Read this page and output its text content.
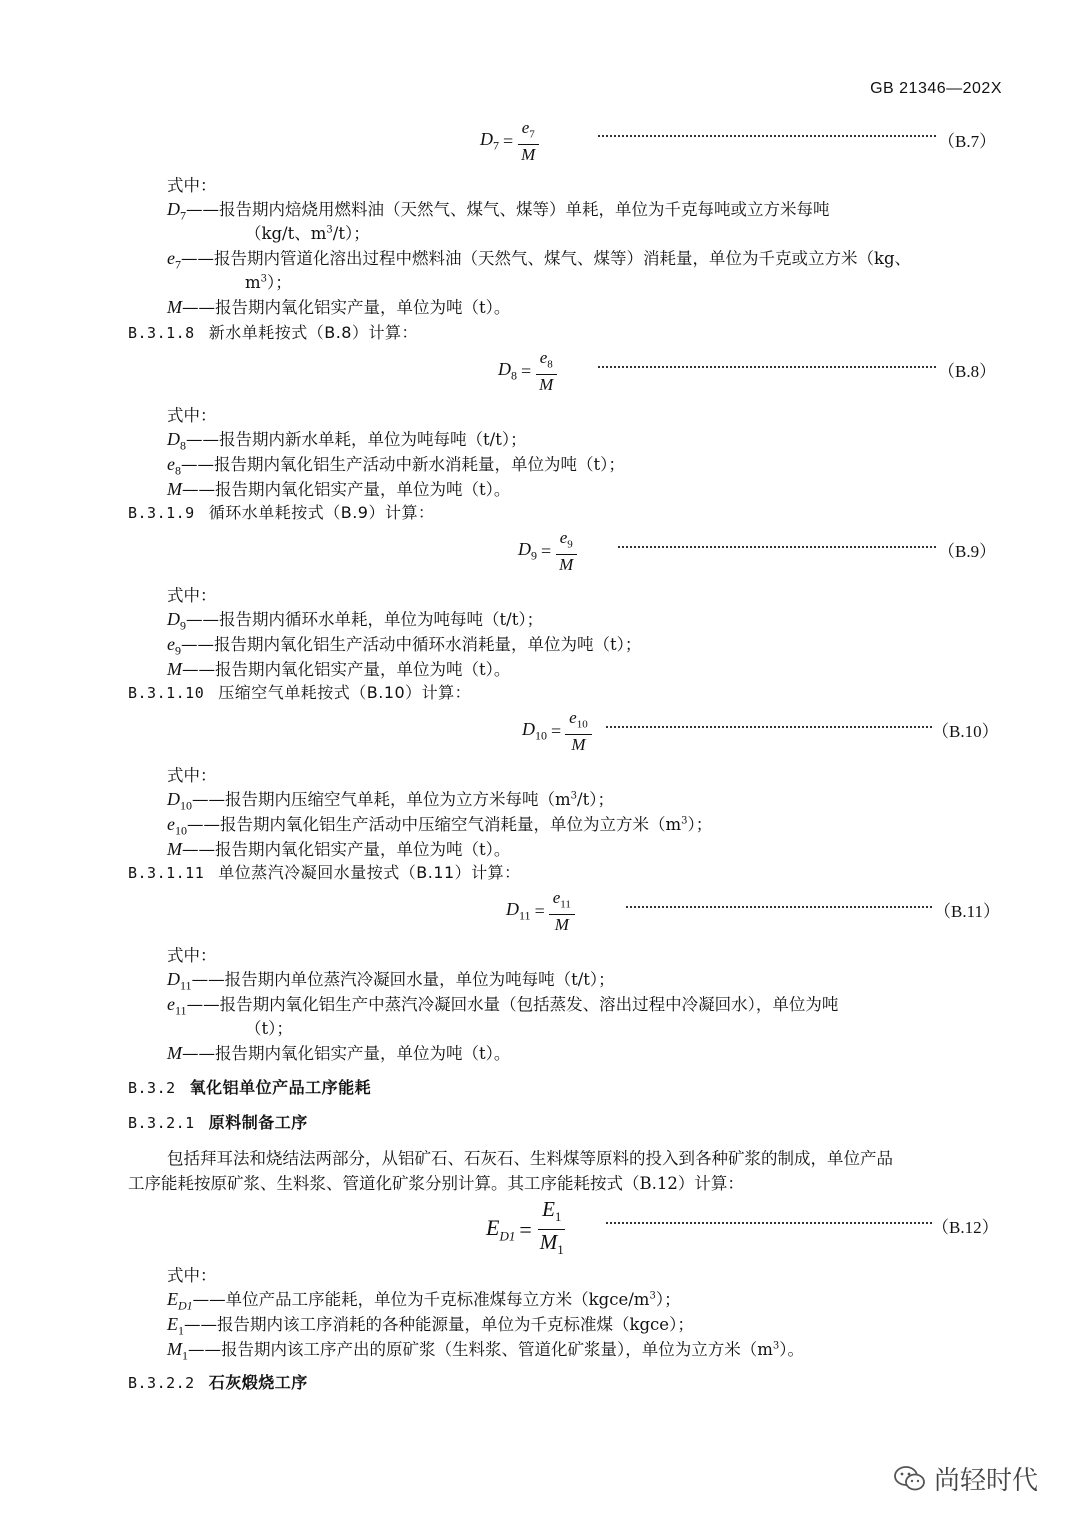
GB 21346—202X
$D_7 = \frac{e_7}{M}$	（B.7）
式中：
$D_7——$报告期内焙烧用燃料油（天然气、煤气、煤等）单耗，单位为千克每吨或立方米每吨
（kg/t、$m^3/t$）；
$e_7——$报告期内管道化溶出过程中燃料油（天然气、煤气、煤等）消耗量，单位为千克或立方米（kg、
$m^3$）；
M——报告期内氧化铝实产量，单位为吨（t）。
B.3.1.8 新水单耗按式（B.8）计算：
$D_8 = \frac{e_8}{M}$	（B.8）
式中：
$D_8——$报告期内新水单耗，单位为吨每吨（t/t）；
$e_8——$报告期内氧化铝生产活动中新水消耗量，单位为吨（t）；
M——报告期内氧化铝实产量，单位为吨（t）。
B.3.1.9 循环水单耗按式（B.9）计算：
$D_9 = \frac{e_9}{M}$	（B.9）
式中：
$D_9——$报告期内循环水单耗，单位为吨每吨（t/t）；
$e_9——$报告期内氧化铝生产活动中循环水消耗量，单位为吨（t）；
M——报告期内氧化铝实产量，单位为吨（t）。
B.3.1.10 压缩空气单耗按式（B.10）计算：
$D_{10} = \frac{e_{10}}{M}$	（B.10）
式中：
$D_{10}——$报告期内压缩空气单耗，单位为立方米每吨$(m^3/t)$；
$e_{10}——$报告期内氧化铝生产活动中压缩空气消耗量，单位为立方米$(m^3)$；
M——报告期内氧化铝实产量，单位为吨（t）。
B.3.1.11 单位蒸汽冷凝回水量按式（B.11）计算：
$D_{11} = \frac{e_{11}}{M}$	（B.11）
式中：
$D_{11}——$报告期内单位蒸汽冷凝回水量，单位为吨每吨（t/t）；
$e_{11}——$报告期内氧化铝生产中蒸汽冷凝回水量（包括蒸发、溶出过程中冷凝回水），单位为吨
（t）；
M——报告期内氧化铝实产量，单位为吨（t）。
B.3.2 氧化铝单位产品工序能耗
B.3.2.1 原料制备工序
包括拜耳法和烧结法两部分，从铝矿石、石灰石、生料煤等原料的投入到各种矿浆的制成，单位产品
工序能耗按原矿浆、生料浆、管道化矿浆分别计算。其工序能耗按式（B.12）计算：
$E_{D1} = \frac{E_1}{M_1}$	（B.12）
式中：
$E_{D1}——$单位产品工序能耗，单位为千克标准煤每立方米$(kgce/m^3)$；
$E_1——$报告期内该工序消耗的各种能源量，单位为千克标准煤（kgce）；
$M_1——$报告期内该工序产出的原矿浆（生料浆、管道化矿浆量），单位为立方米$(m^3)$。
B.3.2.2 石灰煅烧工序
尚轻时代
